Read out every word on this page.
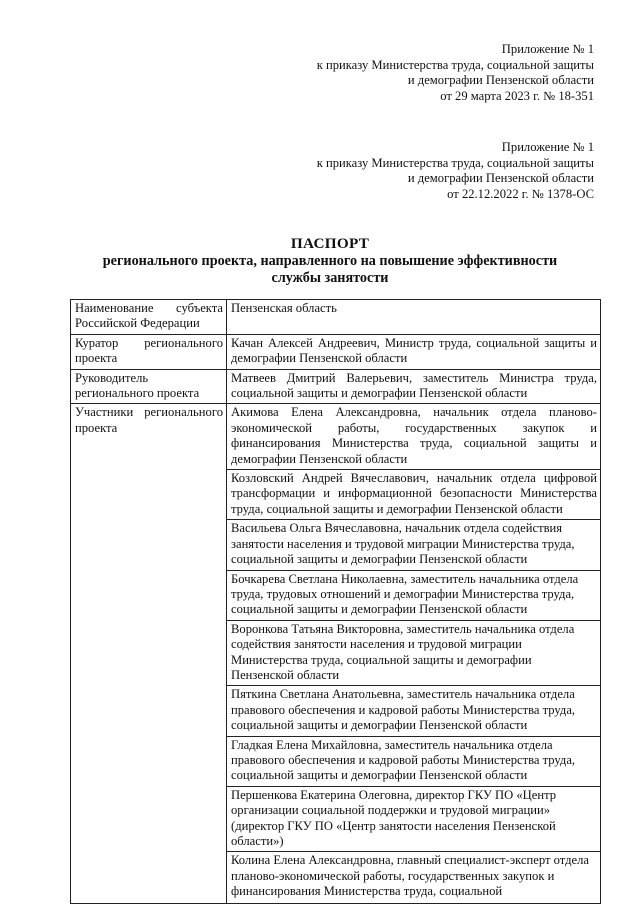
Приложение № 1
к приказу Министерства труда, социальной защиты
и демографии Пензенской области
от 29 марта 2023 г. № 18-351
Приложение № 1
к приказу Министерства труда, социальной защиты
и демографии Пензенской области
от 22.12.2022 г. № 1378-ОС
ПАСПОРТ
регионального проекта, направленного на повышение эффективности
службы занятости
Наименование субъекта Российской Федерации	Пензенская область
Куратор регионального проекта	Качан Алексей Андреевич, Министр труда, социальной защиты и демографии Пензенской области
Руководитель регионального проекта	Матвеев Дмитрий Валерьевич, заместитель Министра труда, социальной защиты и демографии Пензенской области
Участники регионального проекта	Акимова Елена Александровна, начальник отдела планово-экономической работы, государственных закупок и финансирования Министерства труда, социальной защиты и демографии Пензенской области
	Козловский Андрей Вячеславович, начальник отдела цифровой трансформации и информационной безопасности Министерства труда, социальной защиты и демографии Пензенской области
	Васильева Ольга Вячеславовна, начальник отдела содействия занятости населения и трудовой миграции Министерства труда, социальной защиты и демографии Пензенской области
	Бочкарева Светлана Николаевна, заместитель начальника отдела труда, трудовых отношений и демографии Министерства труда, социальной защиты и демографии Пензенской области
	Воронкова Татьяна Викторовна, заместитель начальника отдела содействия занятости населения и трудовой миграции Министерства труда, социальной защиты и демографии Пензенской области
	Пяткина Светлана Анатольевна, заместитель начальника отдела правового обеспечения и кадровой работы Министерства труда, социальной защиты и демографии Пензенской области
	Гладкая Елена Михайловна, заместитель начальника отдела правового обеспечения и кадровой работы Министерства труда, социальной защиты и демографии Пензенской области
	Першенкова Екатерина Олеговна, директор ГКУ ПО «Центр организации социальной поддержки и трудовой миграции» (директор ГКУ ПО «Центр занятости населения Пензенской области»)

	Колина Елена Александровна, главный специалист-эксперт отдела планово-экономической работы, государственных закупок и финансирования Министерства труда, социальной
